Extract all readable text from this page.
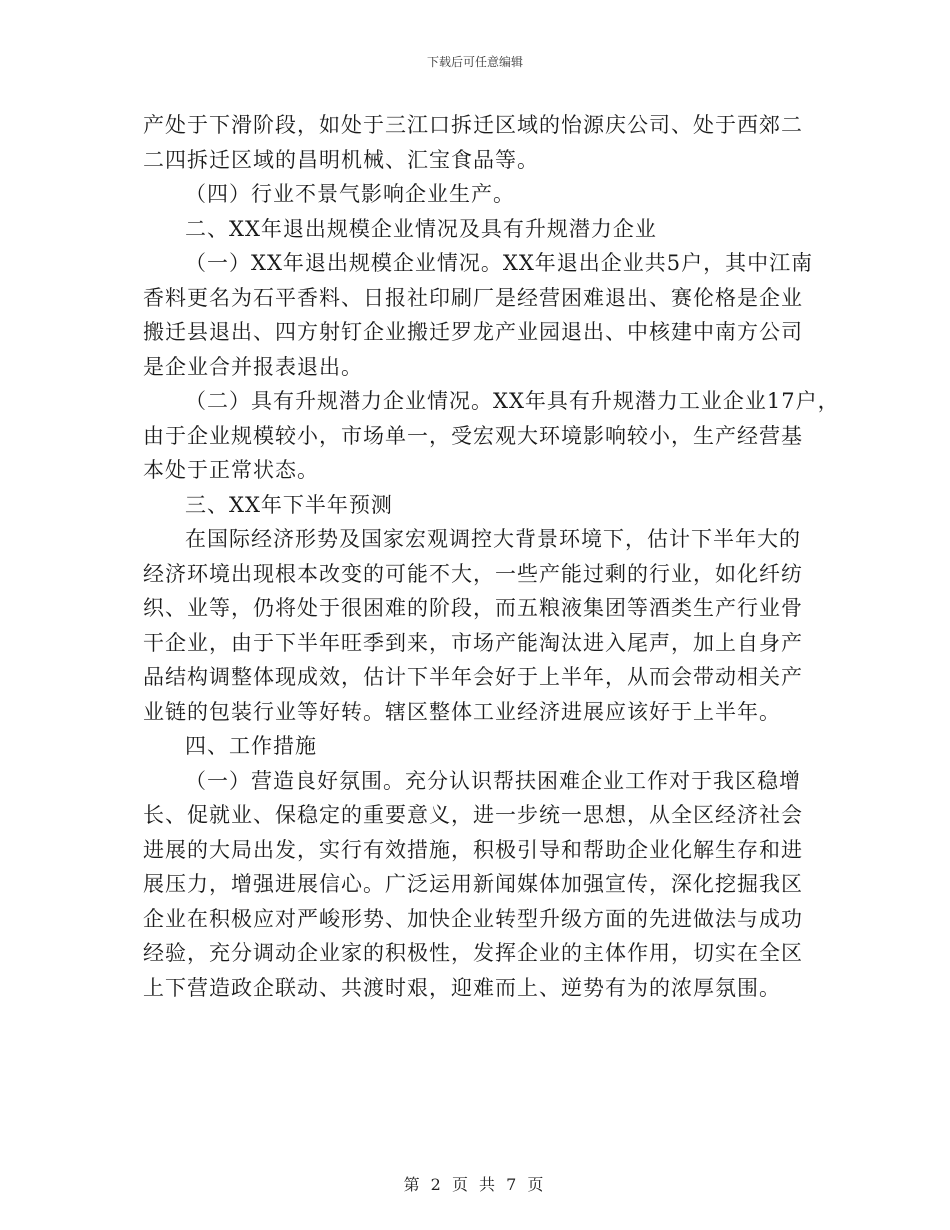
下载后可任意编辑

产处于下滑阶段，如处于三江口拆迁区域的怡源庆公司、处于西郊二

二四拆迁区域的昌明机械、汇宝食品等。

（四）行业不景气影响企业生产。

二、XX年退出规模企业情况及具有升规潜力企业

（一）XX年退出规模企业情况。XX年退出企业共5户，其中江南

香料更名为石平香料、日报社印刷厂是经营困难退出、赛伦格是企业

搬迁县退出、四方射钉企业搬迁罗龙产业园退出、中核建中南方公司

是企业合并报表退出。

（二）具有升规潜力企业情况。XX年具有升规潜力工业企业17户，

由于企业规模较小，市场单一，受宏观大环境影响较小，生产经营基

本处于正常状态。

三、XX年下半年预测

在国际经济形势及国家宏观调控大背景环境下，估计下半年大的

经济环境出现根本改变的可能不大，一些产能过剩的行业，如化纤纺

织、业等，仍将处于很困难的阶段，而五粮液集团等酒类生产行业骨

干企业，由于下半年旺季到来，市场产能淘汰进入尾声，加上自身产

品结构调整体现成效，估计下半年会好于上半年，从而会带动相关产

业链的包装行业等好转。辖区整体工业经济进展应该好于上半年。

四、工作措施

（一）营造良好氛围。充分认识帮扶困难企业工作对于我区稳增

长、促就业、保稳定的重要意义，进一步统一思想，从全区经济社会

进展的大局出发，实行有效措施，积极引导和帮助企业化解生存和进

展压力，增强进展信心。广泛运用新闻媒体加强宣传，深化挖掘我区

企业在积极应对严峻形势、加快企业转型升级方面的先进做法与成功

经验，充分调动企业家的积极性，发挥企业的主体作用，切实在全区

上下营造政企联动、共渡时艰，迎难而上、逆势有为的浓厚氛围。

第 2 页 共 7 页
